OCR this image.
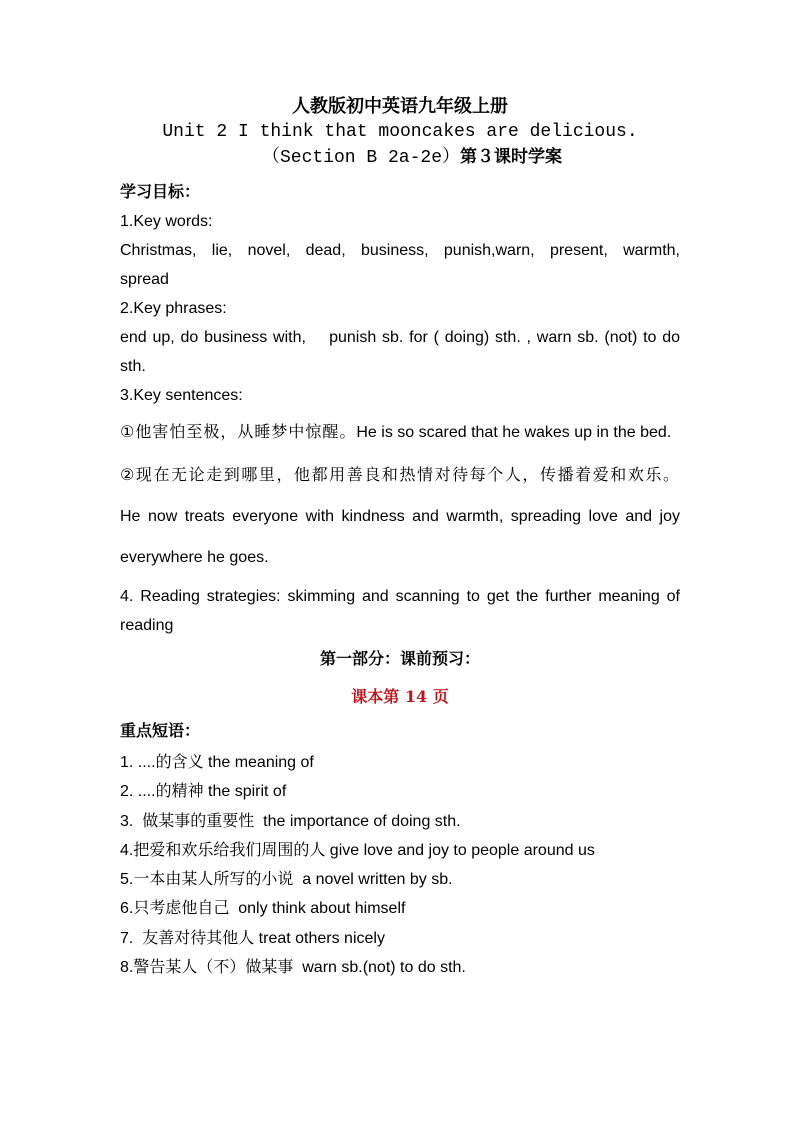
人教版初中英语九年级上册
Unit 2 I think that mooncakes are delicious.
（Section B 2a-2e）第３课时学案
学习目标：
1.Key words:
Christmas, lie, novel, dead, business, punish,warn, present, warmth, spread
2.Key phrases:
end up, do business with,    punish sb. for ( doing) sth. , warn sb. (not) to do sth.
3.Key sentences:
①他害怕至极，从睡梦中惊醒。He is so scared that he wakes up in the bed.
②现在无论走到哪里，他都用善良和热情对待每个人，传播着爱和欢乐。He now treats everyone with kindness and warmth, spreading love and joy everywhere he goes.
4. Reading strategies: skimming and scanning to get the further meaning of reading
第一部分：课前预习：
课本第 14 页
重点短语：
1. ....的含义 the meaning of
2. ....的精神 the spirit of
3.  做某事的重要性  the importance of doing sth.
4.把爱和欢乐给我们周围的人 give love and joy to people around us
5.一本由某人所写的小说  a novel written by sb.
6.只考虑他自己  only think about himself
7.  友善对待其他人 treat others nicely
8.警告某人（不）做某事  warn sb.(not) to do sth.
